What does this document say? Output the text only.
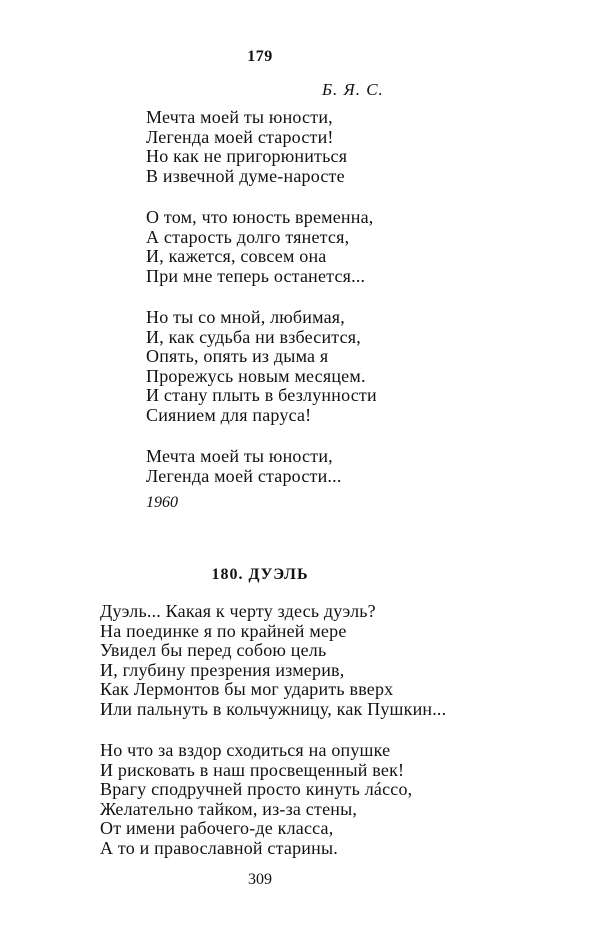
179
Б. Я. С.
Мечта моей ты юности,
Легенда моей старости!
Но как не пригорюниться
В извечной думе-наросте
О том, что юность временна,
А старость долго тянется,
И, кажется, совсем она
При мне теперь останется...
Но ты со мной, любимая,
И, как судьба ни взбесится,
Опять, опять из дыма я
Прорежусь новым месяцем.
И стану плыть в безлунности
Сиянием для паруса!
Мечта моей ты юности,
Легенда моей старости...
1960
180. ДУЭЛЬ
Дуэль... Какая к черту здесь дуэль?
На поединке я по крайней мере
Увидел бы перед собою цель
И, глубину презрения измерив,
Как Лермонтов бы мог ударить вверх
Или пальнуть в кольчужницу, как Пушкин...
Но что за вздор сходиться на опушке
И рисковать в наш просвещенный век!
Врагу сподручней просто кинуть лáссо,
Желательно тайком, из-за стены,
От имени рабочего-де класса,
А то и православной старины.
309
